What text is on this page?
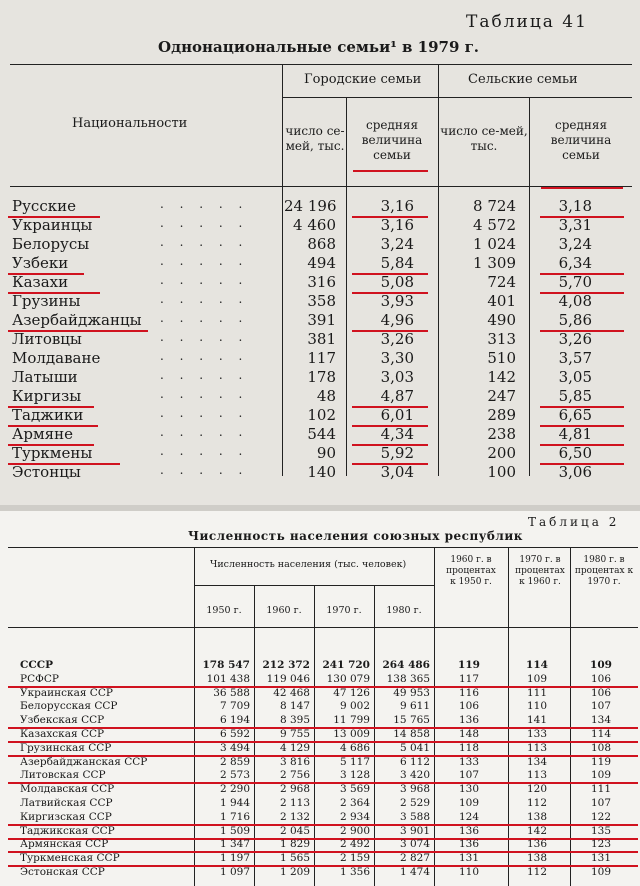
Таблица 41
Однонациональные семьи¹ в 1979 г.
Национальности
Городские семьи	Сельские семьи
число се-мей, тыс.
средняя величина семьи
число се-мей, тыс.
средняя величина семьи
Русские	. . . . . 24 196	3,16	8 724	3,18
Украинцы	. . . . .	4 460	3,16	4 572	3,31
Белорусы	. . . . .	868	3,24	1 024	3,24
Узбеки	. . . . .	494	5,84	1 309	6,34
Казахи	. . . . .	316	5,08	724	5,70
Грузины	. . . . .	358	3,93	401	4,08
Азербайджанцы . . . . .	391	4,96	490	5,86
Литовцы	. . . . .	381	3,26	313	3,26
Молдаване	. . . . .	117	3,30	510	3,57
Латыши	. . . . .	178	3,03	142	3,05
Киргизы	. . . . .	48	4,87	247	5,85
Таджики	. . . . .	102	6,01	289	6,65
Армяне	. . . . .	544	4,34	238	4,81
Туркмены	. . . . .	90	5,92	200	6,50
Эстонцы	. . . . .	140	3,04	100	3,06
Таблица 2
Численность населения союзных республик
Численность населения (тыс. человек)
1950 г.	1960 г.	1970 г.	1980 г.
1960 г. в процентах к 1950 г.
1970 г. в процентах к 1960 г.
1980 г. в процентах к 1970 г.
СССР	178 547	212 372	241 720	264 486	119	114	109
РСФСР	101 438	119 046	130 079	138 365	117	109	106
Украинская ССР	36 588	42 468	47 126	49 953	116	111	106
Белорусская ССР	7 709	8 147	9 002	9 611	106	110	107
Узбекская ССР	6 194	8 395	11 799	15 765	136	141	134
Казахская ССР	6 592	9 755	13 009	14 858	148	133	114
Грузинская ССР	3 494	4 129	4 686	5 041	118	113	108
Азербайджанская ССР	2 859	3 816	5 117	6 112	133	134	119
Литовская ССР	2 573	2 756	3 128	3 420	107	113	109
Молдавская ССР	2 290	2 968	3 569	3 968	130	120	111
Латвийская ССР	1 944	2 113	2 364	2 529	109	112	107
Киргизская ССР	1 716	2 132	2 934	3 588	124	138	122
Таджикская ССР	1 509	2 045	2 900	3 901	136	142	135
Армянская ССР	1 347	1 829	2 492	3 074	136	136	123
Туркменская ССР	1 197	1 565	2 159	2 827	131	138	131
Эстонская ССР	1 097	1 209	1 356	1 474	110	112	109
